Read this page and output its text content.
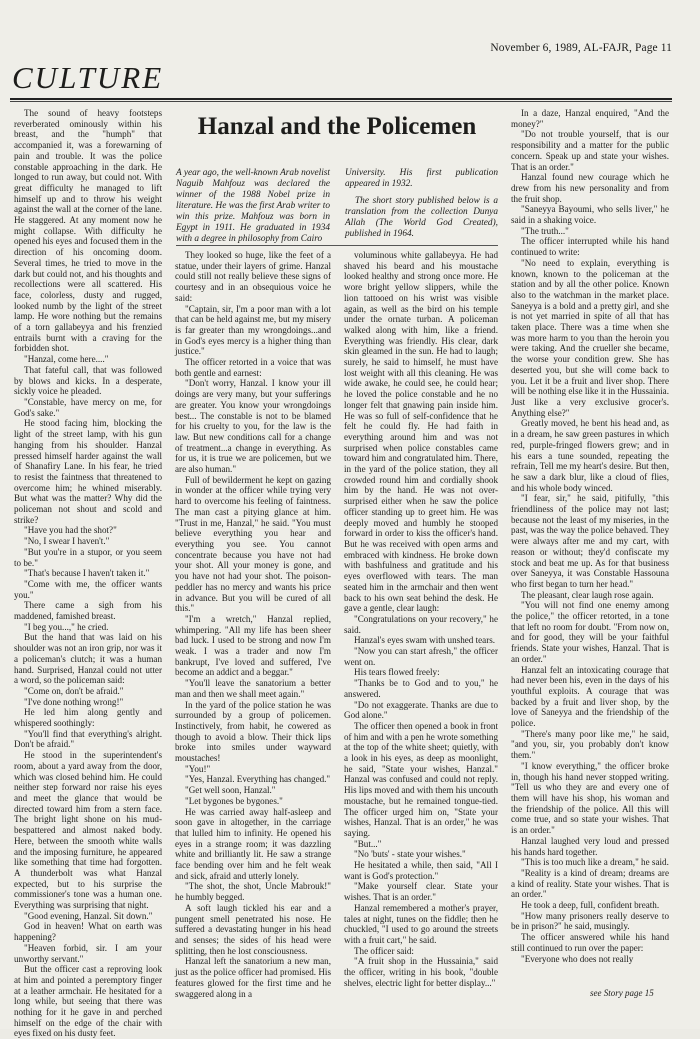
November 6, 1989, AL-FAJR, Page 11
CULTURE
Hanzal and the Policemen
A year ago, the well-known Arab novelist Naguib Mahfouz was declared the winner of the 1988 Nobel prize in literature. He was the first Arab writer to win this prize. Mahfouz was born in Egypt in 1911. He graduated in 1934 with a degree in philosophy from Cairo
University. His first publication appeared in 1932.
The short story published below is a translation from the collection Dunya Allah (The World God Created), published in 1964.

The sound of heavy footsteps reverberated ominously within his breast, and the "humph" that accompanied it, was a forewarning of pain and trouble. It was the police constable approaching in the dark. He longed to run away, but could not. With great difficulty he managed to lift himself up and to throw his weight against the wall at the corner of the lane. He staggered. At any moment now he might collapse. With difficulty he opened his eyes and focused them in the direction of his oncoming doom. Several times, he tried to move in the dark but could not, and his thoughts and recollections were all scattered. His face, colorless, dusty and rugged, looked numb by the light of the street lamp. He wore nothing but the remains of a torn gallabeyya and his frenzied entrails burnt with a craving for the forbidden shot.

"Hanzal, come here...."

That fateful call, that was followed by blows and kicks. In a desperate, sickly voice he pleaded.

"Constable, have mercy on me, for God's sake."

He stood facing him, blocking the light of the street lamp, with his gun hanging from his shoulder. Hanzal pressed himself harder against the wall of Shanafiry Lane. In his fear, he tried to resist the faintness that threatened to overcome him; he whined miserably. But what was the matter? Why did the policeman not shout and scold and strike?

"Have you had the shot?"

"No, I swear I haven't."

"But you're in a stupor, or you seem to be."

"That's because I haven't taken it."

"Come with me, the officer wants you."

There came a sigh from his maddened, famished breast.

"I beg you...," he cried.

But the hand that was laid on his shoulder was not an iron grip, nor was it a policeman's clutch; it was a human hand. Surprised, Hanzal could not utter a word, so the policeman said:

"Come on, don't be afraid."

"I've done nothing wrong!"

He led him along gently and whispered soothingly:

"You'll find that everything's alright. Don't be afraid."

He stood in the superintendent's room, about a yard away from the door, which was closed behind him. He could neither step forward nor raise his eyes and meet the glance that would be directed toward him from a stern face. The bright light shone on his mud-bespattered and almost naked body. Here, between the smooth white walls and the imposing furniture, he appeared like something that time had forgotten. A thunderbolt was what Hanzal expected, but to his surprise the commissioner's tone was a human one. Everything was surprising that night.

"Good evening, Hanzal. Sit down."

God in heaven! What on earth was happening?

"Heaven forbid, sir. I am your unworthy servant."

But the officer cast a reproving look at him and pointed a peremptory finger at a leather armchair. He hesitated for a long while, but seeing that there was nothing for it he gave in and perched himself on the edge of the chair with eyes fixed on his dusty feet.

They looked so huge, like the feet of a statue, under their layers of grime. Hanzal could still not really believe these signs of courtesy and in an obsequious voice he said:

"Captain, sir, I'm a poor man with a lot that can be held against me, but my misery is far greater than my wrongdoings...and in God's eyes mercy is a higher thing than justice."

The officer retorted in a voice that was both gentle and earnest:

"Don't worry, Hanzal. I know your ill doings are very many, but your sufferings are greater. You know your wrongdoings best... The constable is not to be blamed for his cruelty to you, for the law is the law. But new conditions call for a change of treatment...a change in everything. As for us, it is true we are policemen, but we are also human."

Full of bewilderment he kept on gazing in wonder at the officer while trying very hard to overcome his feeling of faintness. The man cast a pitying glance at him. "Trust in me, Hanzal," he said. "You must believe everything you hear and everything you see. You cannot concentrate because you have not had your shot. All your money is gone, and you have not had your shot. The poison-peddler has no mercy and wants his price in advance. But you will be cured of all this."

"I'm a wretch," Hanzal replied, whimpering. "All my life has been sheer bad luck. I used to be strong and now I'm weak. I was a trader and now I'm bankrupt, I've loved and suffered, I've become an addict and a beggar."

"You'll leave the sanatorium a better man and then we shall meet again."

In the yard of the police station he was surrounded by a group of policemen. Instinctively, from habit, he cowered as though to avoid a blow. Their thick lips broke into smiles under wayward moustaches!

"You!"

"Yes, Hanzal. Everything has changed."

"Get well soon, Hanzal."

"Let bygones be bygones."

He was carried away half-asleep and soon gave in altogether, in the carriage that lulled him to infinity. He opened his eyes in a strange room; it was dazzling white and brilliantly lit. He saw a strange face bending over him and he felt weak and sick, afraid and utterly lonely.

"The shot, the shot, Uncle Mabrouk!" he humbly begged.

A soft laugh tickled his ear and a pungent smell penetrated his nose. He suffered a devastating hunger in his head and senses; the sides of his head were splitting, then he lost consciousness.

Hanzal left the sanatorium a new man, just as the police officer had promised. His features glowed for the first time and he swaggered along in a

voluminous white gallabeyya. He had shaved his beard and his moustache looked healthy and strong once more. He wore bright yellow slippers, while the lion tattooed on his wrist was visible again, as well as the bird on his temple under the ornate turban. A policeman walked along with him, like a friend. Everything was friendly. His clear, dark skin gleamed in the sun. He had to laugh; surely, he said to himself, he must have lost weight with all this cleaning. He was wide awake, he could see, he could hear; he loved the police constable and he no longer felt that gnawing pain inside him. He was so full of self-confidence that he felt he could fly. He had faith in everything around him and was not surprised when police constables came toward him and congratulated him. There, in the yard of the police station, they all crowded round him and cordially shook him by the hand. He was not over-surprised either when he saw the police officer standing up to greet him. He was deeply moved and humbly he stooped forward in order to kiss the officer's hand. But he was received with open arms and embraced with kindness. He broke down with bashfulness and gratitude and his eyes overflowed with tears. The man seated him in the armchair and then went back to his own seat behind the desk. He gave a gentle, clear laugh:

"Congratulations on your recovery," he said.

Hanzal's eyes swam with unshed tears.

"Now you can start afresh," the officer went on.

His tears flowed freely:

"Thanks be to God and to you," he answered.

"Do not exaggerate. Thanks are due to God alone."

The officer then opened a book in front of him and with a pen he wrote something at the top of the white sheet; quietly, with a look in his eyes, as deep as moonlight, he said, "State your wishes, Hanzal." Hanzal was confused and could not reply. His lips moved and with them his uncouth moustache, but he remained tongue-tied. The officer urged him on, "State your wishes, Hanzal. That is an order," he was saying.

"But..."

"No 'buts' - state your wishes."

He hesitated a while, then said, "All I want is God's protection."

"Make yourself clear. State your wishes. That is an order."

Hanzal remembered a mother's prayer, tales at night, tunes on the fiddle; then he chuckled, "I used to go around the streets with a fruit cart," he said.

The officer said:

"A fruit shop in the Hussainia," said the officer, writing in his book, "double shelves, electric light for better display..."

In a daze, Hanzal enquired, "And the money?"

"Do not trouble yourself, that is our responsibility and a matter for the public concern. Speak up and state your wishes. That is an order."

Hanzal found new courage which he drew from his new personality and from the fruit shop.

"Saneyya Bayoumi, who sells liver," he said in a shaking voice.

"The truth..."

The officer interrupted while his hand continued to write:

"No need to explain, everything is known, known to the policeman at the station and by all the other police. Known also to the watchman in the market place. Saneyya is a bold and a pretty girl, and she is not yet married in spite of all that has taken place. There was a time when she was more harm to you than the heroin you were taking. And the crueller she became, the worse your condition grew. She has deserted you, but she will come back to you. Let it be a fruit and liver shop. There will be nothing else like it in the Hussainia. Just like a very exclusive grocer's. Anything else?"

Greatly moved, he bent his head and, as in a dream, he saw green pastures in which red, purple-fringed flowers grew; and in his ears a tune sounded, repeating the refrain, Tell me my heart's desire. But then, he saw a dark blur, like a cloud of flies, and his whole body winced.

"I fear, sir," he said, pitifully, "this friendliness of the police may not last; because not the least of my miseries, in the past, was the way the police behaved. They were always after me and my cart, with reason or without; they'd confiscate my stock and beat me up. As for that business over Saneyya, it was Constable Hassouna who first began to turn her head."

The pleasant, clear laugh rose again.

"You will not find one enemy among the police," the officer retorted, in a tone that left no room for doubt. "From now on, and for good, they will be your faithful friends. State your wishes, Hanzal. That is an order."

Hanzal felt an intoxicating courage that had never been his, even in the days of his youthful exploits. A courage that was backed by a fruit and liver shop, by the love of Saneyya and the friendship of the police.

"There's many poor like me," he said, "and you, sir, you probably don't know them."

"I know everything," the officer broke in, though his hand never stopped writing. "Tell us who they are and every one of them will have his shop, his woman and the friendship of the police. All this will come true, and so state your wishes. That is an order."

Hanzal laughed very loud and pressed his hands hard together.

"This is too much like a dream," he said.

"Reality is a kind of dream; dreams are a kind of reality. State your wishes. That is an order."

He took a deep, full, confident breath.

"How many prisoners really deserve to be in prison?" he said, musingly.

The officer answered while his hand still continued to run over the paper:

"Everyone who does not really

see Story page 15
